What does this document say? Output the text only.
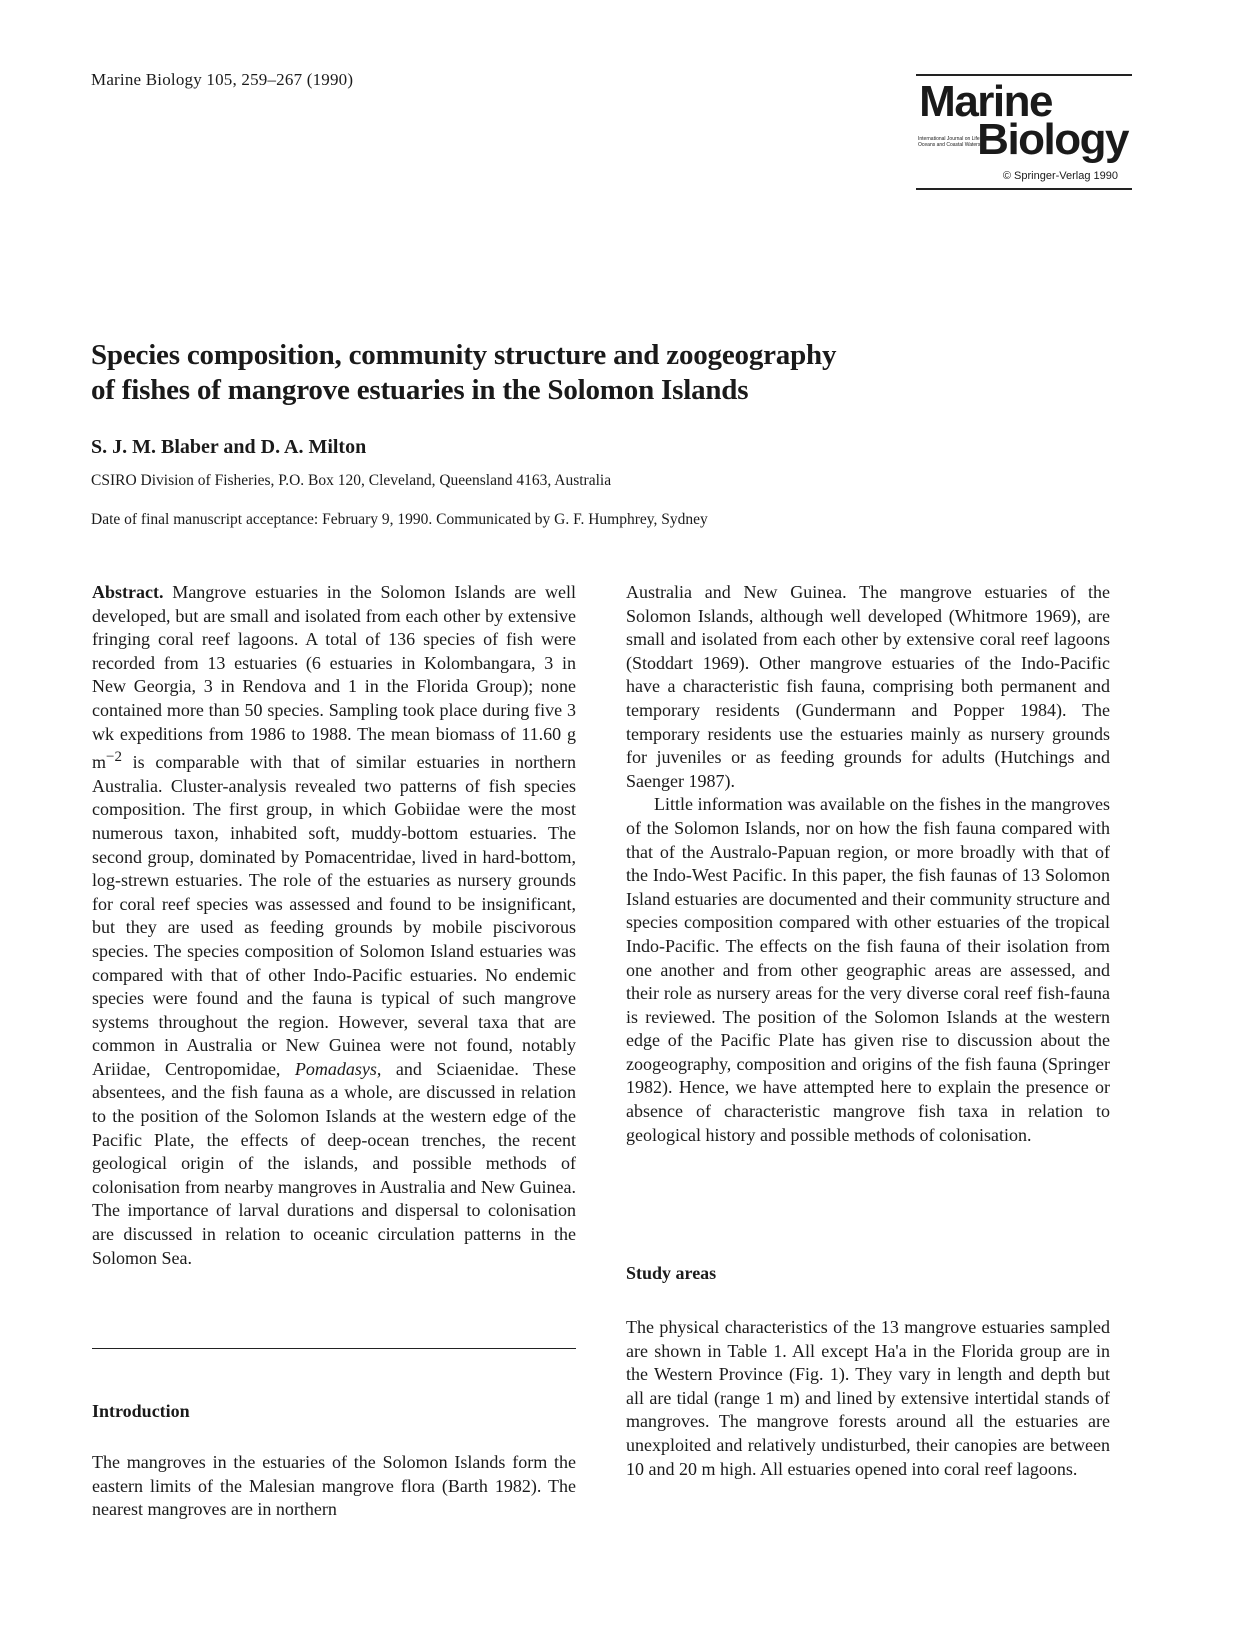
Marine Biology 105, 259–267 (1990)	Marine
International Journal on Life in Oceans and Coastal Waters
Biology
© Springer-Verlag 1990
Species composition, community structure and zoogeography
of fishes of mangrove estuaries in the Solomon Islands

S. J. M. Blaber and D. A. Milton

CSIRO Division of Fisheries, P.O. Box 120, Cleveland, Queensland 4163, Australia

Date of final manuscript acceptance: February 9, 1990. Communicated by G. F. Humphrey, Sydney

Abstract. Mangrove estuaries in the Solomon Islands are well developed, but are small and isolated from each other by extensive fringing coral reef lagoons. A total of 136 species of fish were recorded from 13 estuaries (6 estuaries in Kolombangara, 3 in New Georgia, 3 in Rendova and 1 in the Florida Group); none contained more than 50 species. Sampling took place during five 3 wk expeditions from 1986 to 1988. The mean biomass of 11.60 g $m^{-2}$ is comparable with that of similar estuaries in northern Australia. Cluster-analysis revealed two patterns of fish species composition. The first group, in which Gobiidae were the most numerous taxon, inhabited soft, muddy-bottom estuaries. The second group, dominated by Pomacentridae, lived in hard-bottom, log-strewn estuaries. The role of the estuaries as nursery grounds for coral reef species was assessed and found to be insignificant, but they are used as feeding grounds by mobile piscivorous species. The species composition of Solomon Island estuaries was compared with that of other Indo-Pacific estuaries. No endemic species were found and the fauna is typical of such mangrove systems throughout the region. However, several taxa that are common in Australia or New Guinea were not found, notably Ariidae, Centropomidae, Pomadasys, and Sciaenidae. These absentees, and the fish fauna as a whole, are discussed in relation to the position of the Solomon Islands at the western edge of the Pacific Plate, the effects of deep-ocean trenches, the recent geological origin of the islands, and possible methods of colonisation from nearby mangroves in Australia and New Guinea. The importance of larval durations and dispersal to colonisation are discussed in relation to oceanic circulation patterns in the Solomon Sea.

Introduction

The mangroves in the estuaries of the Solomon Islands form the eastern limits of the Malesian mangrove flora (Barth 1982). The nearest mangroves are in northern

Australia and New Guinea. The mangrove estuaries of the Solomon Islands, although well developed (Whitmore 1969), are small and isolated from each other by extensive coral reef lagoons (Stoddart 1969). Other mangrove estuaries of the Indo-Pacific have a characteristic fish fauna, comprising both permanent and temporary residents (Gundermann and Popper 1984). The temporary residents use the estuaries mainly as nursery grounds for juveniles or as feeding grounds for adults (Hutchings and Saenger 1987).

Little information was available on the fishes in the mangroves of the Solomon Islands, nor on how the fish fauna compared with that of the Australo-Papuan region, or more broadly with that of the Indo-West Pacific. In this paper, the fish faunas of 13 Solomon Island estuaries are documented and their community structure and species composition compared with other estuaries of the tropical Indo-Pacific. The effects on the fish fauna of their isolation from one another and from other geographic areas are assessed, and their role as nursery areas for the very diverse coral reef fish-fauna is reviewed. The position of the Solomon Islands at the western edge of the Pacific Plate has given rise to discussion about the zoogeography, composition and origins of the fish fauna (Springer 1982). Hence, we have attempted here to explain the presence or absence of characteristic mangrove fish taxa in relation to geological history and possible methods of colonisation.

Study areas

The physical characteristics of the 13 mangrove estuaries sampled are shown in Table 1. All except Ha'a in the Florida group are in the Western Province (Fig. 1). They vary in length and depth but all are tidal (range 1 m) and lined by extensive intertidal stands of mangroves. The mangrove forests around all the estuaries are unexploited and relatively undisturbed, their canopies are between 10 and 20 m high. All estuaries opened into coral reef lagoons.
